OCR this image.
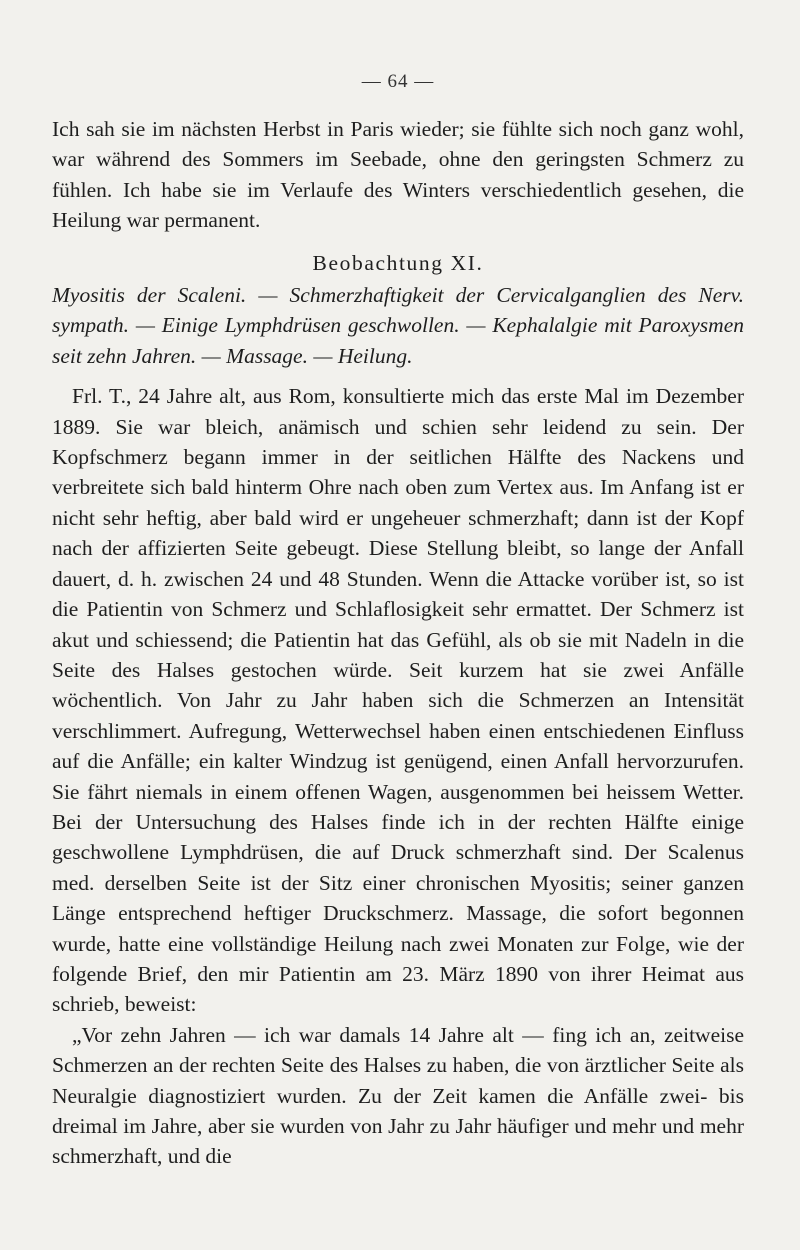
— 64 —

Ich sah sie im nächsten Herbst in Paris wieder; sie fühlte sich noch ganz wohl, war während des Sommers im Seebade, ohne den geringsten Schmerz zu fühlen. Ich habe sie im Verlaufe des Winters verschiedentlich gesehen, die Heilung war permanent.

Beobachtung XI.

Myositis der Scaleni. — Schmerzhaftigkeit der Cervicalganglien des Nerv. sympath. — Einige Lymphdrüsen geschwollen. — Kephalalgie mit Paroxysmen seit zehn Jahren. — Massage. — Heilung.

Frl. T., 24 Jahre alt, aus Rom, konsultierte mich das erste Mal im Dezember 1889. Sie war bleich, anämisch und schien sehr leidend zu sein. Der Kopfschmerz begann immer in der seitlichen Hälfte des Nackens und verbreitete sich bald hinterm Ohre nach oben zum Vertex aus. Im Anfang ist er nicht sehr heftig, aber bald wird er ungeheuer schmerzhaft; dann ist der Kopf nach der affizierten Seite gebeugt. Diese Stellung bleibt, so lange der Anfall dauert, d. h. zwischen 24 und 48 Stunden. Wenn die Attacke vorüber ist, so ist die Patientin von Schmerz und Schlaflosigkeit sehr ermattet. Der Schmerz ist akut und schiessend; die Patientin hat das Gefühl, als ob sie mit Nadeln in die Seite des Halses gestochen würde. Seit kurzem hat sie zwei Anfälle wöchentlich. Von Jahr zu Jahr haben sich die Schmerzen an Intensität verschlimmert. Aufregung, Wetterwechsel haben einen entschiedenen Einfluss auf die Anfälle; ein kalter Windzug ist genügend, einen Anfall hervorzurufen. Sie fährt niemals in einem offenen Wagen, ausgenommen bei heissem Wetter. Bei der Untersuchung des Halses finde ich in der rechten Hälfte einige geschwollene Lymphdrüsen, die auf Druck schmerzhaft sind. Der Scalenus med. derselben Seite ist der Sitz einer chronischen Myositis; seiner ganzen Länge entsprechend heftiger Druckschmerz. Massage, die sofort begonnen wurde, hatte eine vollständige Heilung nach zwei Monaten zur Folge, wie der folgende Brief, den mir Patientin am 23. März 1890 von ihrer Heimat aus schrieb, beweist:

„Vor zehn Jahren — ich war damals 14 Jahre alt — fing ich an, zeitweise Schmerzen an der rechten Seite des Halses zu haben, die von ärztlicher Seite als Neuralgie diagnostiziert wurden. Zu der Zeit kamen die Anfälle zwei- bis dreimal im Jahre, aber sie wurden von Jahr zu Jahr häufiger und mehr und mehr schmerzhaft, und die
